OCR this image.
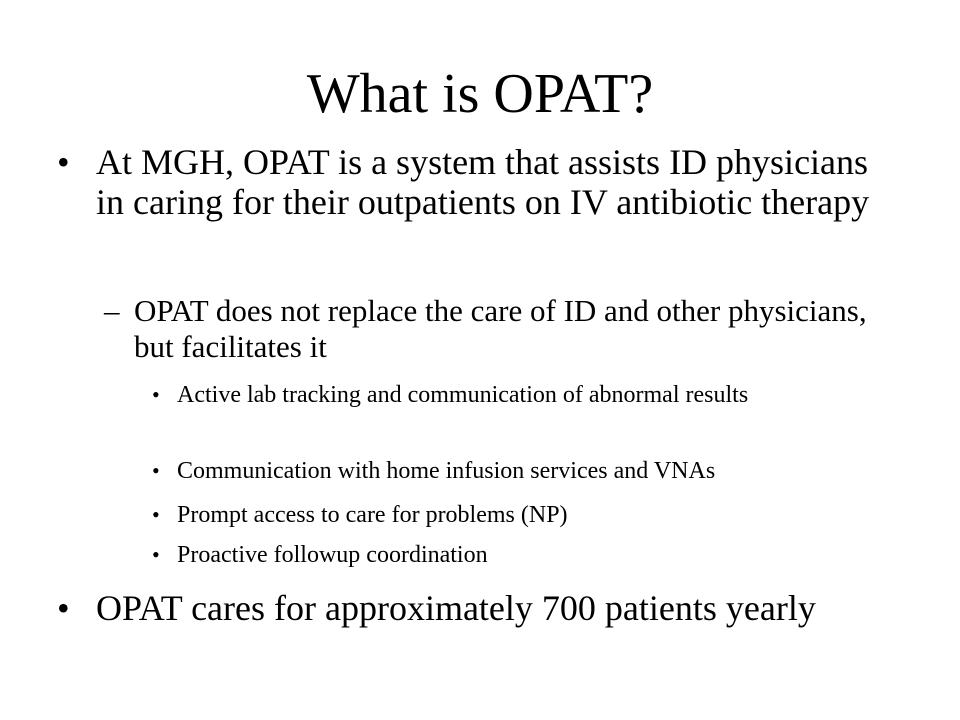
What is OPAT?
• At MGH, OPAT is a system that assists ID physicians in caring for their outpatients on IV antibiotic therapy
– OPAT does not replace the care of ID and other physicians, but facilitates it
• Active lab tracking and communication of abnormal results
• Communication with home infusion services and VNAs
• Prompt access to care for problems (NP)
• Proactive followup coordination
• OPAT cares for approximately 700 patients yearly
